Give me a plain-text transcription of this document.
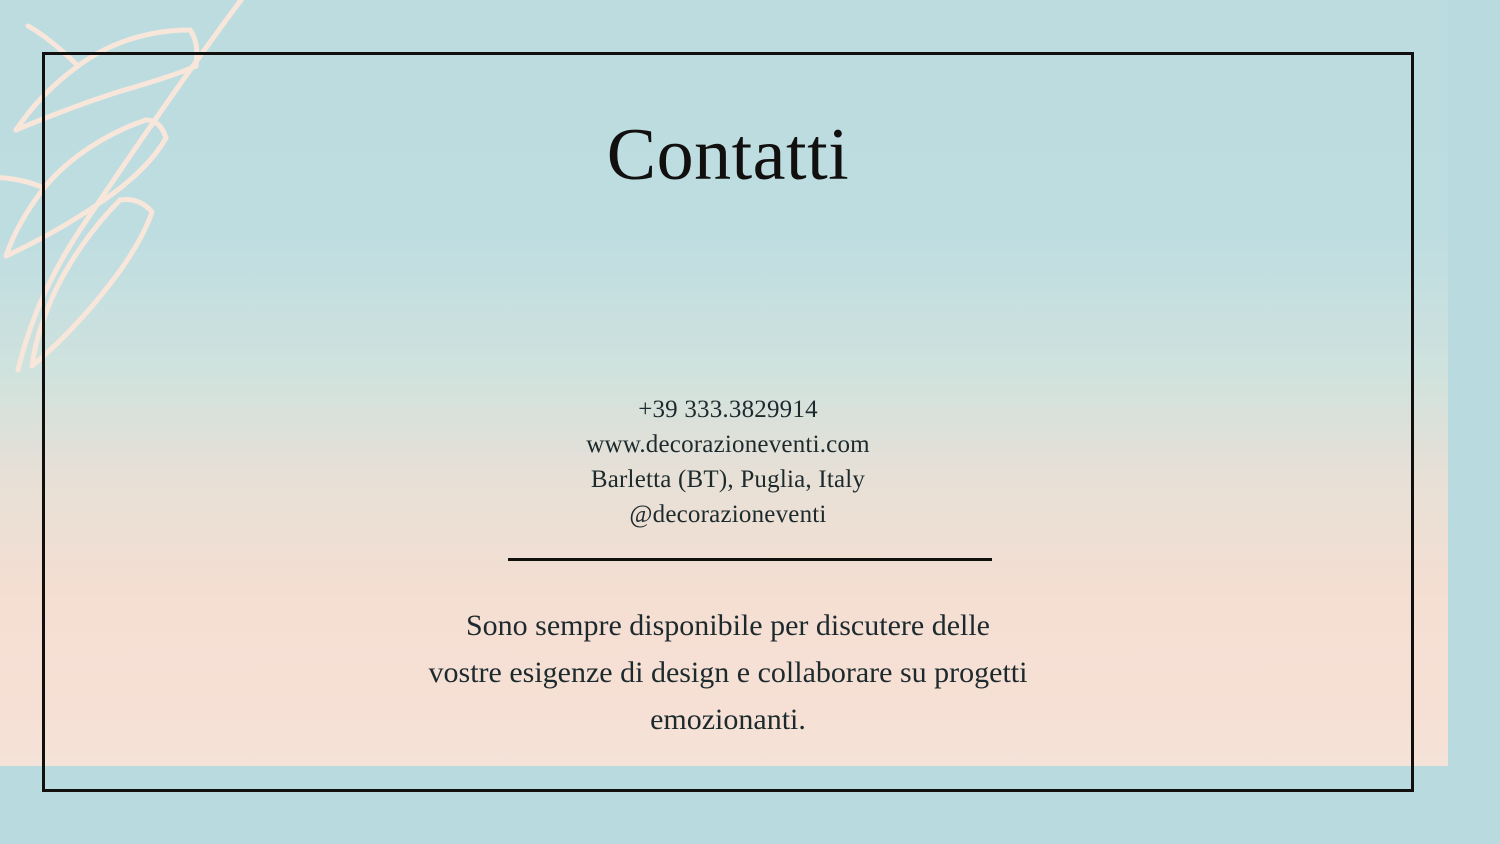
Contatti
+39 333.3829914
www.decorazioneventi.com
Barletta (BT), Puglia, Italy
@decorazioneventi
Sono sempre disponibile per discutere delle
vostre esigenze di design e collaborare su progetti
emozionanti.
